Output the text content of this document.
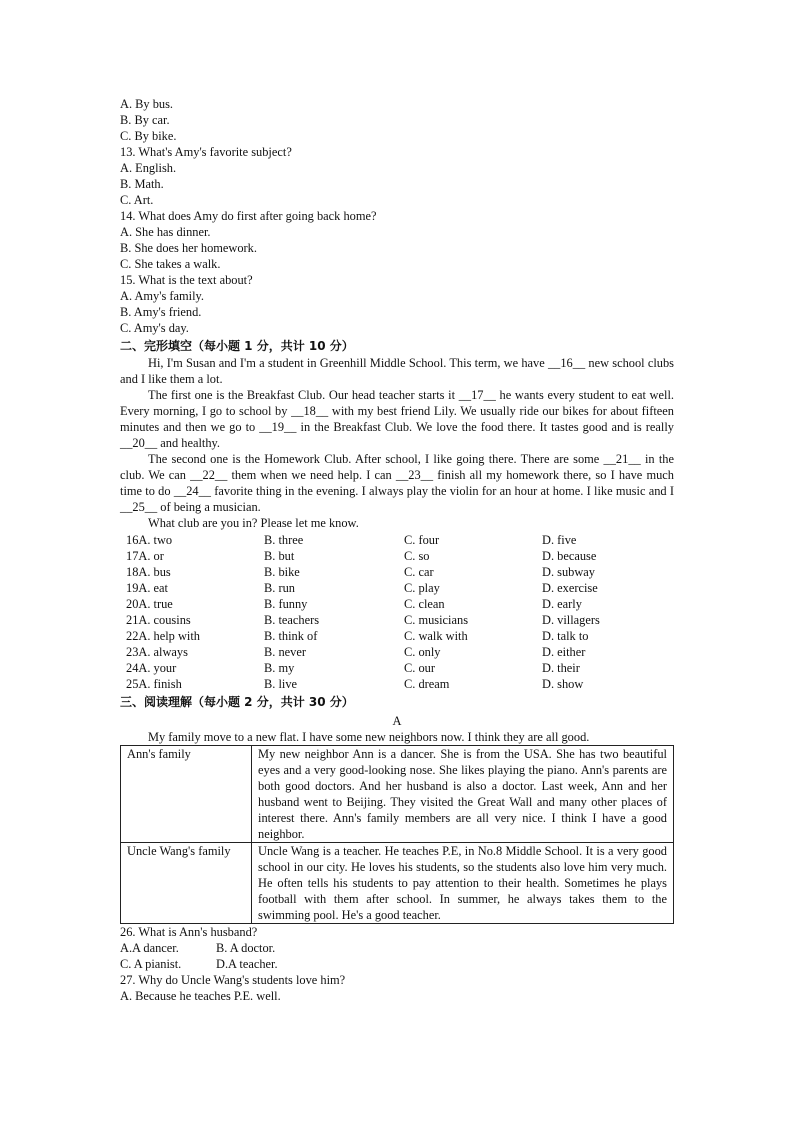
A. By bus.
B. By car.
C. By bike.
13. What's Amy's favorite subject?
A. English.
B. Math.
C. Art.
14. What does Amy do first after going back home?
A. She has dinner.
B. She does her homework.
C. She takes a walk.
15. What is the text about?
A. Amy's family.
B. Amy's friend.
C. Amy's day.
二、完形填空（每小题 1 分，共计 10 分）
Hi, I'm Susan and I'm a student in Greenhill Middle School. This term, we have __16__ new school clubs and I like them a lot.
The first one is the Breakfast Club. Our head teacher starts it __17__ he wants every student to eat well. Every morning, I go to school by __18__ with my best friend Lily. We usually ride our bikes for about fifteen minutes and then we go to __19__ in the Breakfast Club. We love the food there. It tastes good and is really __20__ and healthy.
The second one is the Homework Club. After school, I like going there. There are some __21__ in the club. We can __22__ them when we need help. I can __23__ finish all my homework there, so I have much time to do __24__ favorite thing in the evening. I always play the violin for an hour at home. I like music and I __25__ of being a musician.
What club are you in? Please let me know.
16A. two	B. three	C. four	D. five
17A. or	B. but	C. so	D. because
18A. bus	B. bike	C. car	D. subway
19A. eat	B. run	C. play	D. exercise
20A. true	B. funny	C. clean	D. early
21A. cousins	B. teachers	C. musicians	D. villagers
22A. help with	B. think of	C. walk with	D. talk to
23A. always	B. never	C. only	D. either
24A. your	B. my	C. our	D. their
25A. finish	B. live	C. dream	D. show
三、阅读理解（每小题 2 分，共计 30 分）
A
My family move to a new flat. I have some new neighbors now. I think they are all good.
Ann's family	My new neighbor Ann is a dancer. She is from the USA. She has two beautiful eyes and a very good-looking nose. She likes playing the piano. Ann's parents are both good doctors. And her husband is also a doctor. Last week, Ann and her husband went to Beijing. They visited the Great Wall and many other places of interest there. Ann's family members are all very nice. I think I have a good neighbor.
Uncle Wang's family	Uncle Wang is a teacher. He teaches P.E, in No.8 Middle School. It is a very good school in our city. He loves his students, so the students also love him very much. He often tells his students to pay attention to their health. Sometimes he plays football with them after school. In summer, he always takes them to the swimming pool. He's a good teacher.
26. What is Ann's husband?
A.A dancer.	B. A doctor.
C. A pianist.	D.A teacher.
27. Why do Uncle Wang's students love him?
A. Because he teaches P.E. well.
